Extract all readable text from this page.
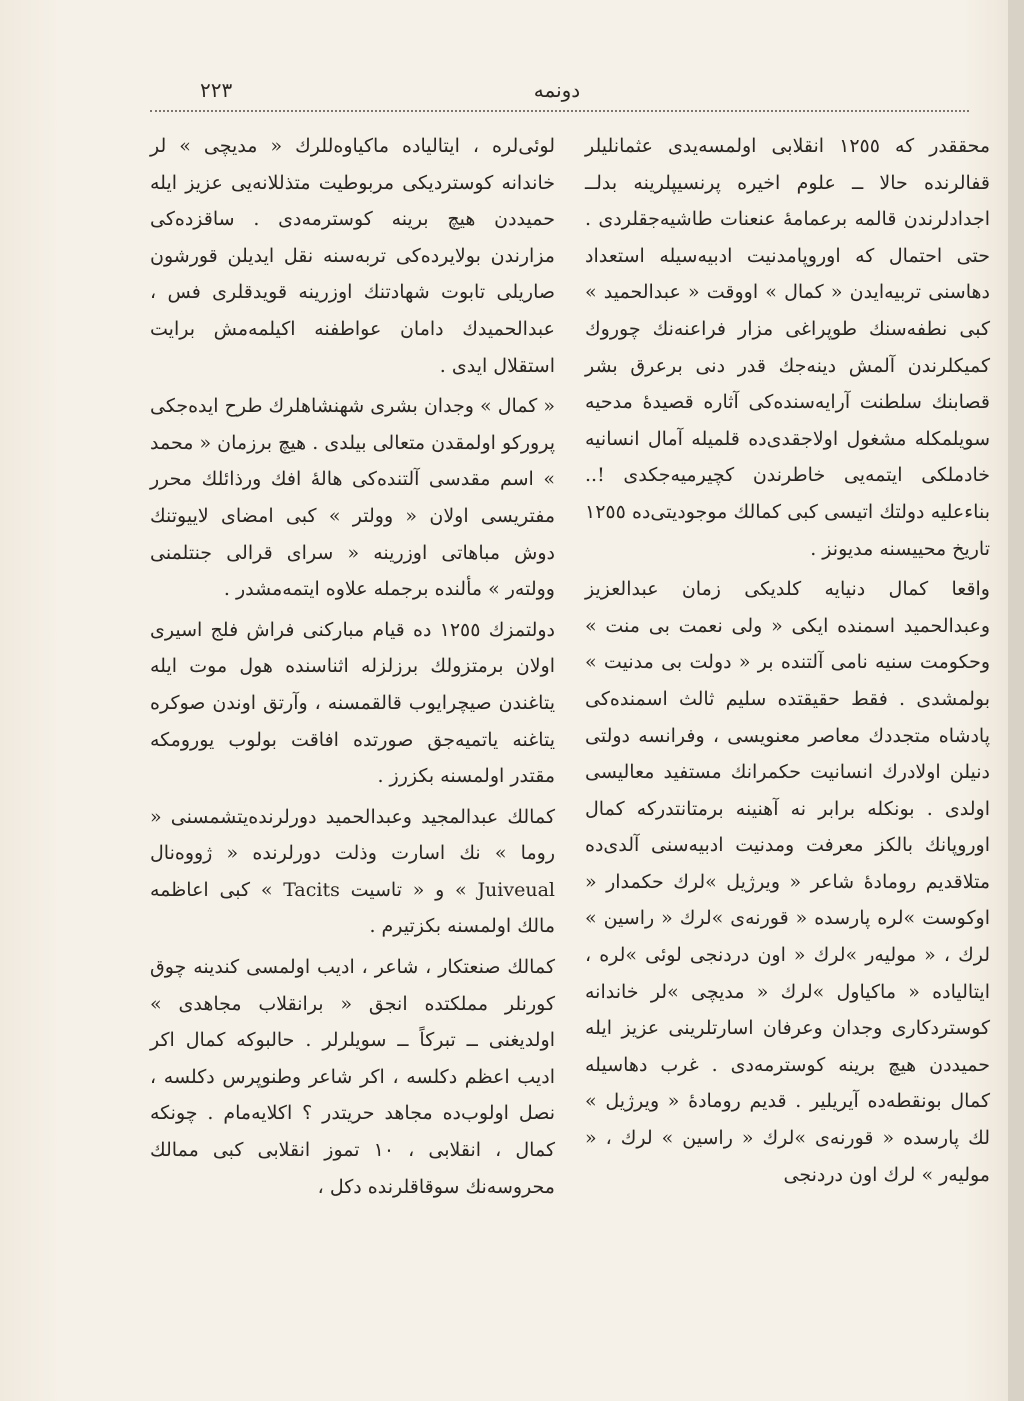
دونمه
٢٢٣

محققدر که ١٢٥٥ انقلابی اولمسه‌یدی عثمانلیلر قفالرنده حالا ــ علوم اخیره پرنسیپلرینه بدلــ اجدادلرندن قالمه برعمامهٔ عنعنات طاشیه‌جقلردی . حتی احتمال که اوروپامدنیت ادبیه‌سیله استعداد دهاسنی تربیه‌ایدن « کمال » اووقت « عبدالحمید » کبی نطفه‌سنك طوپراغی مزار فراعنه‌نك چوروك کمیکلرندن آلمش دینه‌جك قدر دنی برعرق بشر قصابنك سلطنت آرایه‌سنده‌کی آثاره قصیدهٔ مدحیه سویلمکله مشغول اولاجقدی‌ده قلمیله آمال انسانیه خادملکی ایتمه‌یی خاطرندن کچیرمیه‌جکدی !.. بناءعلیه دولتك اتیسی کبی کمالك موجودیتی‌ده ١٢٥٥ تاریخ محییسنه مدیونز .

واقعا کمال دنیایه کلدیکی زمان عبدالعزیز وعبدالحمید اسمنده ایکی « ولی نعمت بی منت » وحکومت سنیه نامی آلتنده بر « دولت بی مدنیت » بولمشدی . فقط حقیقتده سلیم ثالث اسمنده‌کی پادشاه متجددك معاصر معنویسی ، وفرانسه دولتی دنیلن اولادرك انسانیت حکمرانك مستفید معالیسی اولدی . بونکله برابر نه آهنینه برمتانتدرکه کمال اوروپانك بالکز معرفت ومدنیت ادبیه‌سنی آلدی‌ده متلاقدیم رومادهٔ شاعر « ویرژیل »لرك حکمدار « اوکوست »لره پارسده « قورنه‌ی »لرك « راسین » لرك ، « مولیه‌ر »لرك « اون دردنجی لوئی »لره ، ایتالیاده « ماکیاول »لرك « مدیچی »لر خاندانه کوستردکاری وجدان وعرفان اسارتلرینی عزیز ایله حمیددن هیچ برینه کوسترمه‌دی . غرب دهاسیله کمال بونقطه‌ده آیریلیر . قدیم رومادهٔ « ویرژیل » لك پارسده « قورنه‌ی »لرك « راسین » لرك ، « مولیه‌ر » لرك اون دردنجی

لوئی‌لره ، ایتالیاده ماکیاوه‌للرك « مدیچی » لر خاندانه کوستردیکی مربوطیت متذللانه‌یی عزیز ایله حمیددن هیچ برینه کوسترمه‌دی . ساقزده‌کی مزارندن بولایرده‌کی تربه‌سنه نقل ایدیلن قورشون صاریلی تابوت شهادتنك اوزرینه قویدقلری فس ، عبدالحمیدك دامان عواطفنه اکیلمه‌مش برایت استقلال ایدی .

« کمال » وجدان بشری شهنشاهلرك طرح ایده‌جکی پرورکو اولمقدن متعالی بیلدی . هیچ برزمان « محمد » اسم مقدسی آلتنده‌کی هاله‌ٔ افك ورذائلك محرر مفتریسی اولان « وولتر » کبی امضای لاییوتنك دوش مباهاتی اوزرینه « سرای قرالی جنتلمنی وولته‌ر » مألنده برجمله علاوه ایتمه‌مشدر .

دولتمزك ١٢٥٥ ده قیام مبارکنی فراش فلج اسیری اولان برمتزولك برزلزله اثناسنده هول موت ایله یتاغندن صیچرایوب قالقمسنه ، وآرتق اوندن صوکره یتاغنه یاتمیه‌جق صورتده افاقت بولوب یورومکه مقتدر اولمسنه بکزرز .

کمالك عبدالمجید وعبدالحمید دورلرنده‌یتشمسنی « روما » نك اسارت وذلت دورلرنده « ژووه‌نال Juiveual » و « تاسیت Tacits » کبی اعاظمه مالك اولمسنه بکزتیرم .

کمالك صنعتکار ، شاعر ، ادیب اولمسی کندینه چوق کورنلر مملکتده انجق « برانقلاب مجاهدی » اولدیغنی ــ تبرکاً ــ سویلرلر . حالبوکه کمال اکر ادیب اعظم دکلسه ، اکر شاعر وطنوپرس دکلسه ، نصل اولوب‌ده مجاهد حریتدر ؟ اکلایه‌مام . چونکه کمال ، انقلابی ، ١٠ تموز انقلابی کبی ممالك محروسه‌نك سوقاقلرنده دکل ،
